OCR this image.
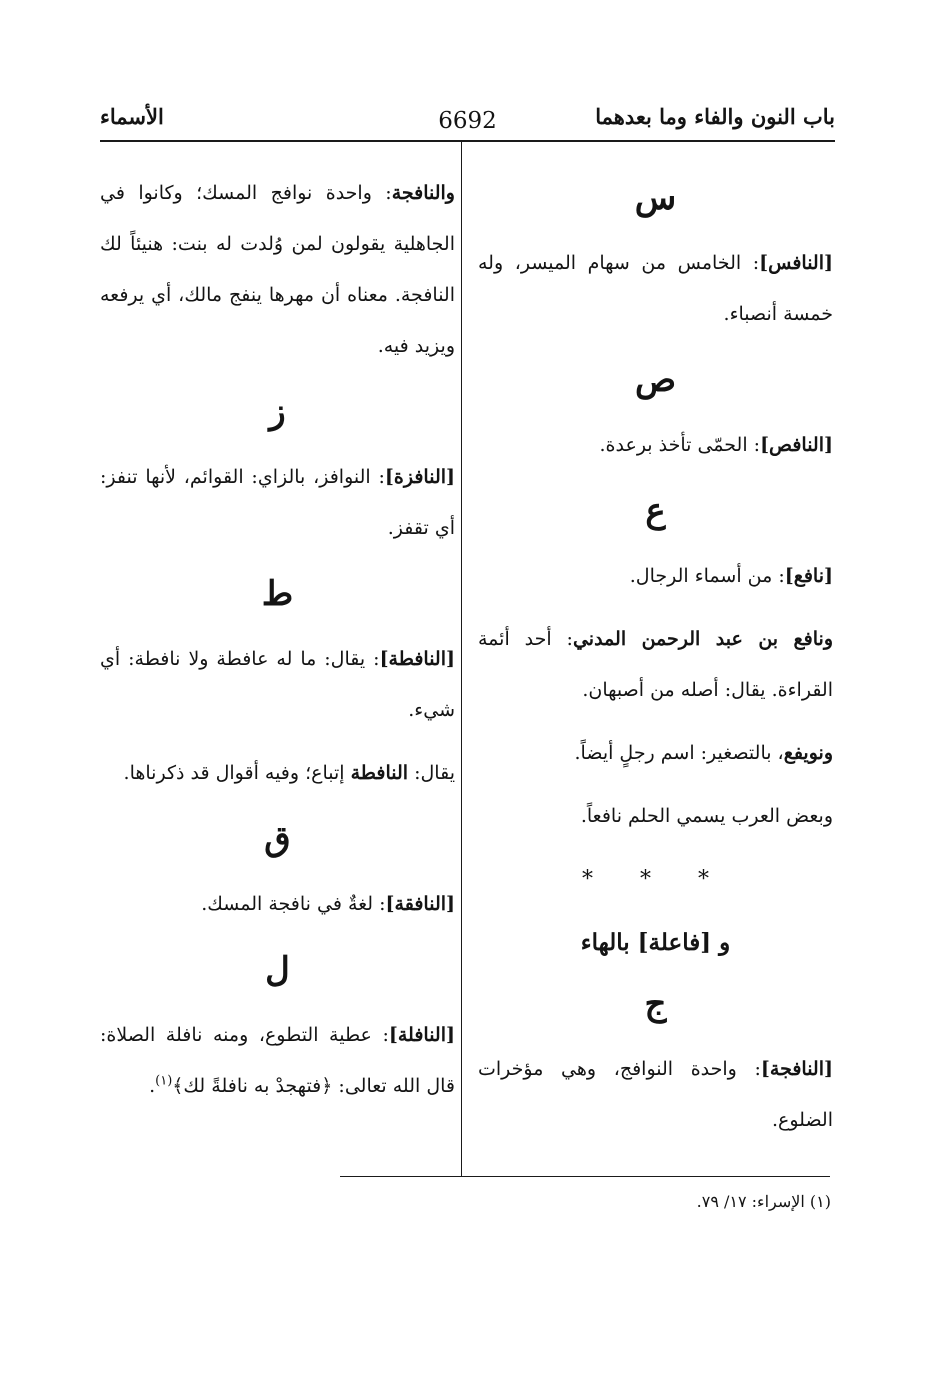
باب النون والفاء وما بعدهما
6692
الأسماء
س

[النافس]: الخامس من سهام الميسر، وله خمسة أنصباء.

ص

[النافص]: الحمّى تأخذ برعدة.

ع

[نافع]: من أسماء الرجال.

ونافع بن عبد الرحمن المدني: أحد أئمة القراءة. يقال: أصله من أصبهان.

ونويفع، بالتصغير: اسم رجلٍ أيضاً.

وبعض العرب يسمي الحلم نافعاً.

* * *
و [فاعلة] بالهاء
ج

[النافجة]: واحدة النوافج، وهي مؤخرات الضلوع.

والنافجة: واحدة نوافج المسك؛ وكانوا في الجاهلية يقولون لمن وُلدت له بنت: هنيئاً لك النافجة. معناه أن مهرها ينفج مالك، أي يرفعه ويزيد فيه.

ز

[النافزة]: النوافز، بالزاي: القوائم، لأنها تنفز: أي تقفز.

ط

[النافطة]: يقال: ما له عافطة ولا نافطة: أي شيء.

يقال: النافطة إتباع؛ وفيه أقوال قد ذكرناها.

ق

[النافقة]: لغةٌ في نافجة المسك.

ل

[النافلة]: عطية التطوع، ومنه نافلة الصلاة: قال الله تعالى: ﴿فتهجدْ به نافلةً لك﴾$^{(١)}$.

(١) الإسراء: ١٧/ ٧٩.
